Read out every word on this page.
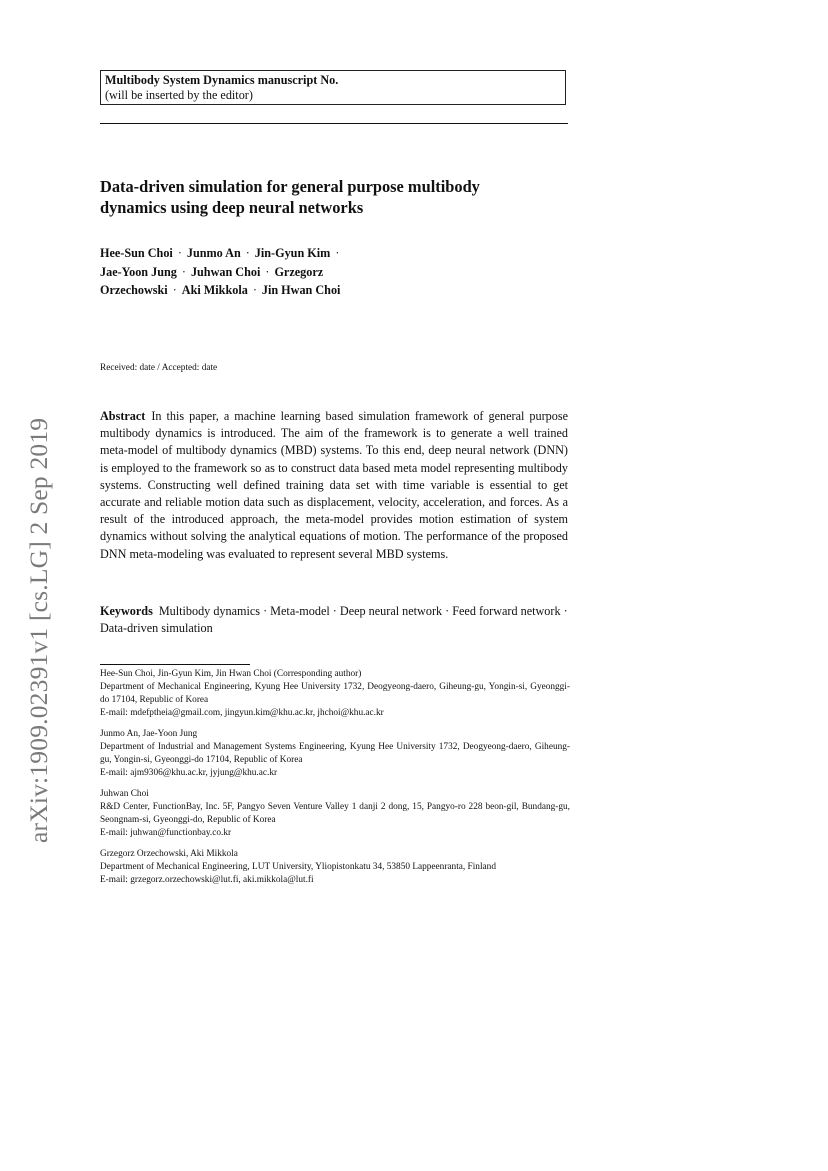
Multibody System Dynamics manuscript No.
(will be inserted by the editor)
Data-driven simulation for general purpose multibody
dynamics using deep neural networks
Hee-Sun Choi · Junmo An · Jin-Gyun Kim ·
Jae-Yoon Jung · Juhwan Choi · Grzegorz
Orzechowski · Aki Mikkola · Jin Hwan Choi
Received: date / Accepted: date
Abstract In this paper, a machine learning based simulation framework of general purpose multibody dynamics is introduced. The aim of the framework is to generate a well trained meta-model of multibody dynamics (MBD) systems. To this end, deep neural network (DNN) is employed to the framework so as to construct data based meta model representing multibody systems. Constructing well defined training data set with time variable is essential to get accurate and reliable motion data such as displacement, velocity, acceleration, and forces. As a result of the introduced approach, the meta-model provides motion estimation of system dynamics without solving the analytical equations of motion. The performance of the proposed DNN meta-modeling was evaluated to represent several MBD systems.
Keywords Multibody dynamics · Meta-model · Deep neural network · Feed forward network · Data-driven simulation
Hee-Sun Choi, Jin-Gyun Kim, Jin Hwan Choi (Corresponding author)
Department of Mechanical Engineering, Kyung Hee University 1732, Deogyeong-daero, Giheung-gu, Yongin-si, Gyeonggi-do 17104, Republic of Korea
E-mail: mdefptheia@gmail.com, jingyun.kim@khu.ac.kr, jhchoi@khu.ac.kr
Junmo An, Jae-Yoon Jung
Department of Industrial and Management Systems Engineering, Kyung Hee University 1732, Deogyeong-daero, Giheung-gu, Yongin-si, Gyeonggi-do 17104, Republic of Korea
E-mail: ajm9306@khu.ac.kr, jyjung@khu.ac.kr
Juhwan Choi
R&D Center, FunctionBay, Inc. 5F, Pangyo Seven Venture Valley 1 danji 2 dong, 15, Pangyo-ro 228 beon-gil, Bundang-gu, Seongnam-si, Gyeonggi-do, Republic of Korea
E-mail: juhwan@functionbay.co.kr
Grzegorz Orzechowski, Aki Mikkola
Department of Mechanical Engineering, LUT University, Yliopistonkatu 34, 53850 Lappeenranta, Finland
E-mail: grzegorz.orzechowski@lut.fi, aki.mikkola@lut.fi
arXiv:1909.02391v1 [cs.LG] 2 Sep 2019
